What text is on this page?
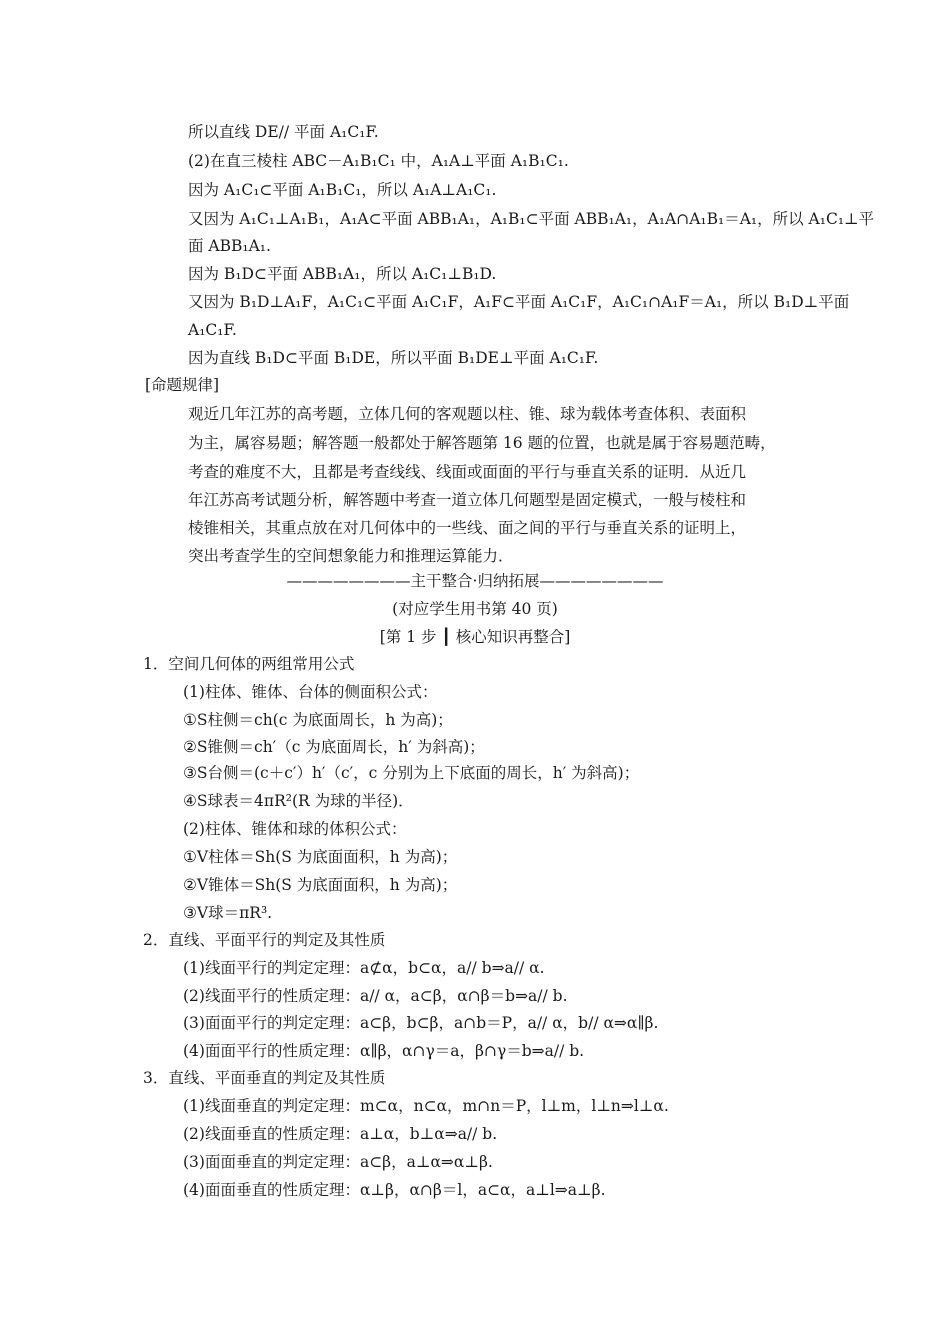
所以直线 DE// 平面 A₁C₁F.
(2)在直三棱柱 ABC－A₁B₁C₁ 中，A₁A⊥平面 A₁B₁C₁.
因为 A₁C₁⊂平面 A₁B₁C₁，所以 A₁A⊥A₁C₁.
又因为 A₁C₁⊥A₁B₁，A₁A⊂平面 ABB₁A₁，A₁B₁⊂平面 ABB₁A₁，A₁A∩A₁B₁＝A₁，所以 A₁C₁⊥平
面 ABB₁A₁.
因为 B₁D⊂平面 ABB₁A₁，所以 A₁C₁⊥B₁D.
又因为 B₁D⊥A₁F，A₁C₁⊂平面 A₁C₁F，A₁F⊂平面 A₁C₁F，A₁C₁∩A₁F＝A₁，所以 B₁D⊥平面
A₁C₁F.
因为直线 B₁D⊂平面 B₁DE，所以平面 B₁DE⊥平面 A₁C₁F.
[命题规律]
观近几年江苏的高考题，立体几何的客观题以柱、锥、球为载体考查体积、表面积
为主，属容易题；解答题一般都处于解答题第 16 题的位置，也就是属于容易题范畴，
考查的难度不大，且都是考查线线、线面或面面的平行与垂直关系的证明．从近几
年江苏高考试题分析，解答题中考查一道立体几何题型是固定模式，一般与棱柱和
棱锥相关，其重点放在对几何体中的一些线、面之间的平行与垂直关系的证明上，
突出考查学生的空间想象能力和推理运算能力．
————————主干整合·归纳拓展————————
(对应学生用书第 40 页)
[第 1 步 ┃ 核心知识再整合]
1．空间几何体的两组常用公式
(1)柱体、锥体、台体的侧面积公式：
①S柱侧＝ch(c 为底面周长，h 为高)；
②S锥侧＝ch′（c 为底面周长，h′ 为斜高)；
③S台侧＝(c＋c′）h′（c′，c 分别为上下底面的周长，h′ 为斜高)；
④S球表＝4πR²(R 为球的半径)．
(2)柱体、锥体和球的体积公式：
①V柱体＝Sh(S 为底面面积，h 为高)；
②V锥体＝Sh(S 为底面面积，h 为高)；
③V球＝πR³.
2．直线、平面平行的判定及其性质
(1)线面平行的判定定理：a⊄α，b⊂α，a// b⇒a// α.
(2)线面平行的性质定理：a// α，a⊂β，α∩β＝b⇒a// b.
(3)面面平行的判定定理：a⊂β，b⊂β，a∩b＝P，a// α，b// α⇒α∥β.
(4)面面平行的性质定理：α∥β，α∩γ＝a，β∩γ＝b⇒a// b.
3．直线、平面垂直的判定及其性质
(1)线面垂直的判定定理：m⊂α，n⊂α，m∩n＝P，l⊥m，l⊥n⇒l⊥α.
(2)线面垂直的性质定理：a⊥α，b⊥α⇒a// b.
(3)面面垂直的判定定理：a⊂β，a⊥α⇒α⊥β.
(4)面面垂直的性质定理：α⊥β，α∩β＝l，a⊂α，a⊥l⇒a⊥β.
